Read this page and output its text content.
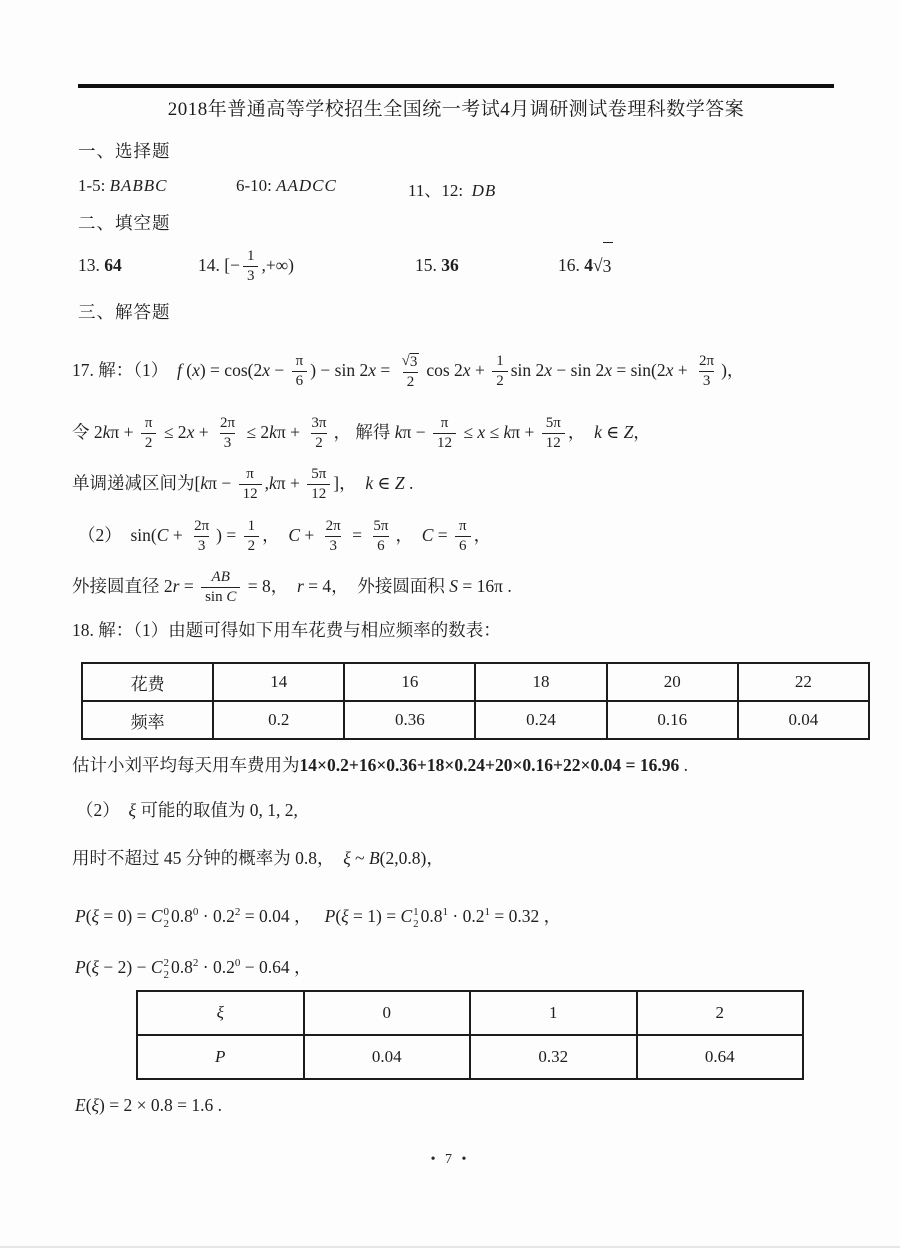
2018年普通高等学校招生全国统一考试4月调研测试卷理科数学答案
一、选择题
1-5: BABBC	6-10: AADCC	11、12:  DB
二、填空题
13. 64	14. [− $\frac{1}{3}$ ,+∞)	15. 36	16. 4 √ 3
三、解答题
17. 解：（1）  f $(x) = \cos(2x - \frac{\pi}{6}$ ) − $\sin 2x = \frac{√ 3}{2}$ $\cos 2x + \frac{1}{2}$ $\sin 2x - \sin 2x = \sin(2x + \frac{2\pi}{3}$ )，
令 $2k\pi + \frac{\pi}{2} \le 2x + \frac{2\pi}{3} \le 2k\pi + \frac{3\pi}{2}$ ， 解得 $k\pi - \frac{\pi}{12} \le x \le k\pi + \frac{5\pi}{12}$ ，  k ∈ Z，
单调递减区间为[$k\pi - \frac{\pi}{12} ,k\pi + \frac{5\pi}{12}$ ]，  k ∈ Z .
（2）  $\sin(C + \frac{2\pi}{3}$ ) = $\frac{1}{2}$ ，  $C + \frac{2\pi}{3} = \frac{5\pi}{6}$ ，  $C = \frac{\pi}{6}$ ，
外接圆直径 $2r = \frac{AB}{\text{sin C}} = 8$，  r = 4，  外接圆面积 S = 16π .
18. 解：（1）由题可得如下用车花费与相应频率的数表：
花费	14	16	18	20	22
频率	0.2	0.36	0.24	0.16	0.04
估计小刘平均每天用车费用为14×0.2+16×0.36+18×0.24+20×0.16+22×0.04 = 16.96 .
（2）  ξ 可能的取值为 0, 1, 2,
用时不超过 45 分钟的概率为 0.8，  ξ ~ B(2,0.8)，
P(ξ = 0) = C 0
2 $0.8^0 \cdot 0.2^2 = 0.04$ ，   P(ξ = 1) = C 1
2 $0.8^1 \cdot 0.2^1 = 0.32$ ，
P(ξ − 2) − C 2
2 $0.8^2 \cdot 0.2^0 - 0.64$ ，
ξ	0	1	2
P	0.04	0.32	0.64
E(ξ) = 2 × 0.8 = 1.6 .
• 7 •
